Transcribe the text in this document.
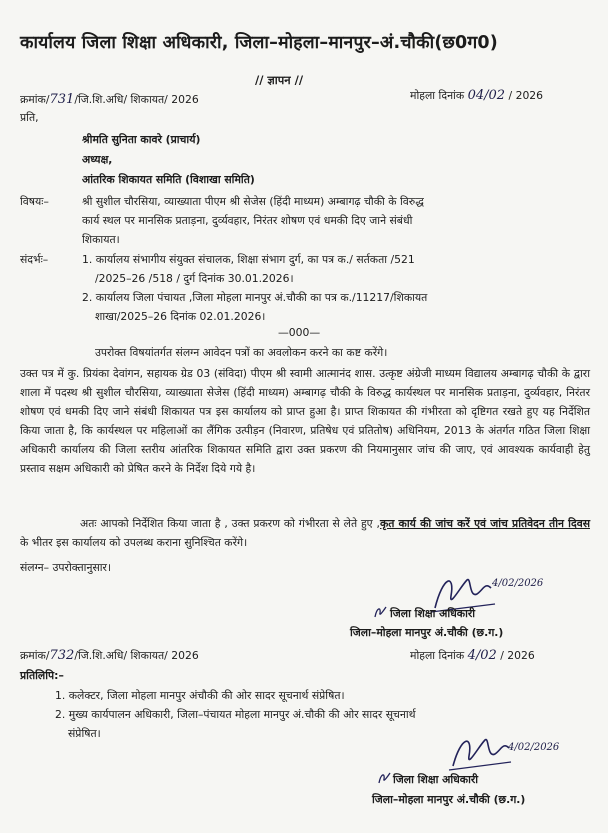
कार्यालय जिला शिक्षा अधिकारी, जिला–मोहला–मानपुर–अं.चौकी(छ0ग0)
// ज्ञापन //
क्रमांक/731/जि.शि.अधि/ शिकायत/ 2026	मोहला दिनांक 04/02 / 2026
प्रति,
श्रीमति सुनिता कावरे (प्राचार्य)
अध्यक्ष,
आंतरिक शिकायत समिति (विशाखा समिति)
विषयः–	श्री सुशील चौरसिया, व्याख्याता पीएम श्री सेजेस (हिंदी माध्यम) अम्बागढ़ चौकी के विरुद्ध
कार्य स्थल पर मानसिक प्रताड़ना, दुर्व्यवहार, निरंतर शोषण एवं धमकी दिए जाने संबंधी
शिकायत।
संदर्भः–	1. कार्यालय संभागीय संयुक्त संचालक, शिक्षा संभाग दुर्ग, का पत्र क./ सर्तकता /521
/2025–26 /518 / दुर्ग दिनांक 30.01.2026।
2. कार्यालय जिला पंचायत ,जिला मोहला मानपुर अं.चौकी का पत्र क./11217/शिकायत
शाखा/2025–26 दिनांक 02.01.2026।
—000—
उपरोक्त विषयांतर्गत संलग्न आवेदन पत्रों का अवलोकन करने का कष्ट करेंगे।
उक्त पत्र में कु. प्रियंका देवांगन, सहायक ग्रेड 03 (संविदा) पीएम श्री स्वामी आत्मानंद शास. उत्कृष्ट अंग्रेजी माध्यम विद्यालय अम्बागढ़ चौकी के द्वारा शाला में पदस्थ श्री सुशील चौरसिया, व्याख्याता सेजेस (हिंदी माध्यम) अम्बागढ़ चौकी के विरुद्ध कार्यस्थल पर मानसिक प्रताड़ना, दुर्व्यवहार, निरंतर शोषण एवं धमकी दिए जाने संबंधी शिकायत पत्र इस कार्यालय को प्राप्त हुआ है। प्राप्त शिकायत की गंभीरता को दृष्टिगत रखते हुए यह निर्देशित किया जाता है, कि कार्यस्थल पर महिलाओं का लैंगिक उत्पीड़न (निवारण, प्रतिषेध एवं प्रतितोष) अधिनियम, 2013 के अंतर्गत गठित जिला शिक्षा अधिकारी कार्यालय की जिला स्तरीय आंतरिक शिकायत समिति द्वारा उक्त प्रकरण की नियमानुसार जांच की जाए, एवं आवश्यक कार्यवाही हेतु प्रस्ताव सक्षम अधिकारी को प्रेषित करने के निर्देश दिये गये है।
अतः आपको निर्देशित किया जाता है , उक्त प्रकरण को गंभीरता से लेते हुए ,कृत कार्य की जांच करें एवं जांच प्रतिवेदन तीन दिवस के भीतर इस कार्यालय को उपलब्ध कराना सुनिश्चित करेंगे।
संलग्न– उपरोक्तानुसार।
4/02/2026
जिला शिक्षा अधिकारी
जिला–मोहला मानपुर अं.चौकी (छ.ग.)
क्रमांक/732/जि.शि.अधि/ शिकायत/ 2026	मोहला दिनांक 4/02 / 2026
प्रतिलिपि:–
1. कलेक्टर, जिला मोहला मानपुर अंचौकी की ओर सादर सूचनार्थ संप्रेषित।
2. मुख्य कार्यपालन अधिकारी, जिला–पंचायत मोहला मानपुर अं.चौकी की ओर सादर सूचनार्थ
संप्रेषित।
4/02/2026
जिला शिक्षा अधिकारी
जिला–मोहला मानपुर अं.चौकी (छ.ग.)
